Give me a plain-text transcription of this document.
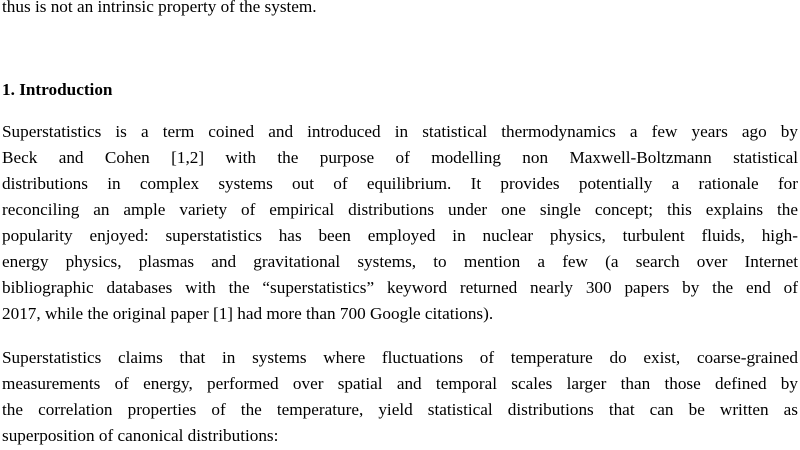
thus is not an intrinsic property of the system.
1. Introduction
Superstatistics is a term coined and introduced in statistical thermodynamics a few years ago by
Beck and Cohen [1,2] with the purpose of modelling non Maxwell-Boltzmann statistical
distributions in complex systems out of equilibrium. It provides potentially a rationale for
reconciling an ample variety of empirical distributions under one single concept; this explains the
popularity enjoyed: superstatistics has been employed in nuclear physics, turbulent fluids, high-
energy physics, plasmas and gravitational systems, to mention a few (a search over Internet
bibliographic databases with the “superstatistics” keyword returned nearly 300 papers by the end of
2017, while the original paper [1] had more than 700 Google citations).
Superstatistics claims that in systems where fluctuations of temperature do exist, coarse-grained
measurements of energy, performed over spatial and temporal scales larger than those defined by
the correlation properties of the temperature, yield statistical distributions that can be written as
superposition of canonical distributions:
